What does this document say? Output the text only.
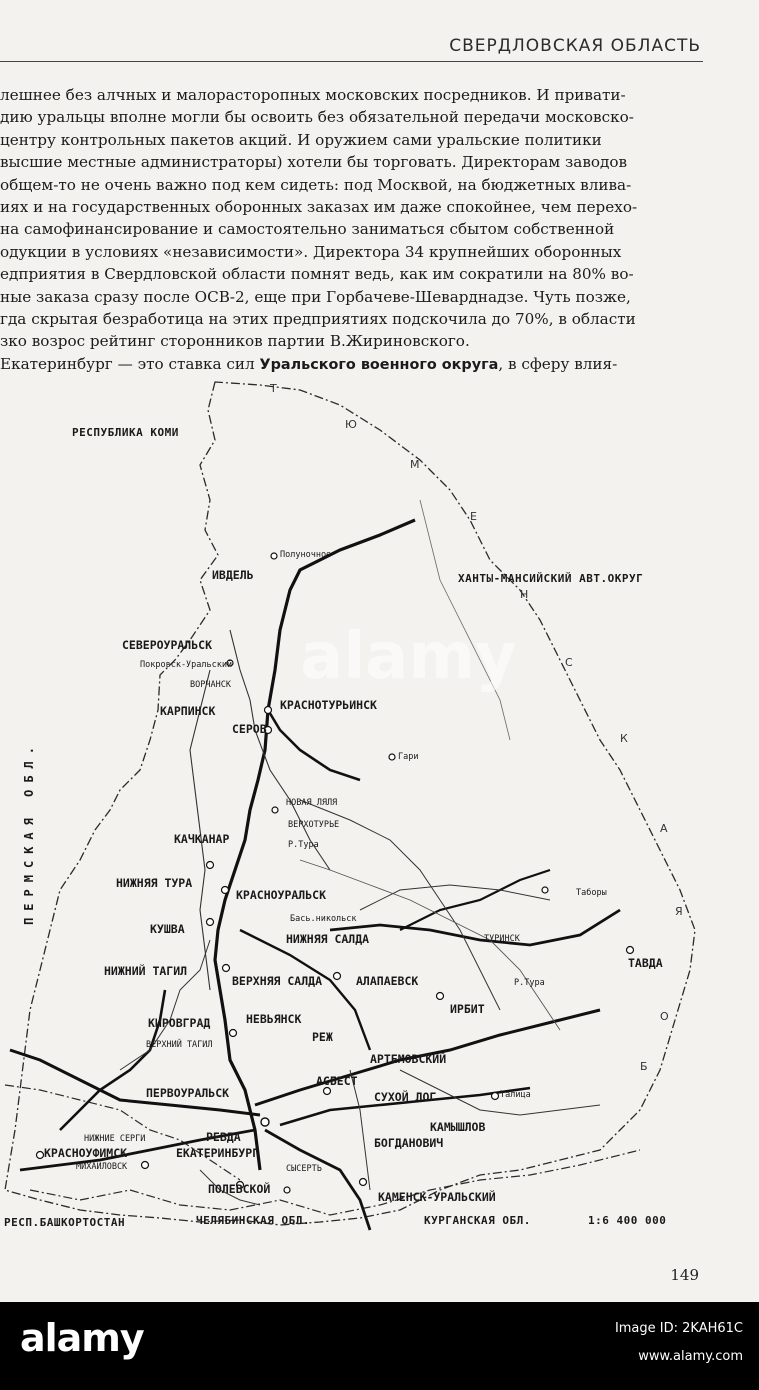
СВЕРДЛОВСКАЯ ОБЛАСТЬ

лешнее без алчных и малорасторопных московских посредников. И привати-

дию уральцы вполне могли бы освоить без обязательной передачи московско-

центру контрольных пакетов акций. И оружием сами уральские политики

высшие местные администраторы) хотели бы торговать. Директорам заводов

общем-то не очень важно под кем сидеть: под Москвой, на бюджетных влива-

иях и на государственных оборонных заказах им даже спокойнее, чем перехо-

на самофинансирование и самостоятельно заниматься сбытом собственной

одукции в условиях «независимости». Директора 34 крупнейших оборонных

едприятия в Свердловской области помнят ведь, как им сократили на 80% во-

ные заказа сразу после ОСВ-2, еще при Горбачеве-Шеварднадзе. Чуть позже,

гда скрытая безработица на этих предприятиях подскочила до 70%, в области

зко возрос рейтинг сторонников партии В.Жириновского.

Екатеринбург — это ставка сил Уральского военного округа, в сферу влия-

Т
Ю
М
Е
Н
С
К
А
Я
О
Б
РЕСПУБЛИКА КОМИ
ХАНТЫ-МАНСИЙСКИЙ АВТ.ОКРУГ
ПЕРМСКАЯ ОБЛ.
РЕСП.БАШКОРТОСТАН	ЧЕЛЯБИНСКАЯ ОБЛ.	КУРГАНСКАЯ ОБЛ.	1:6 400 000
Полуночное
ИВДЕЛЬ
СЕВЕРОУРАЛЬСК
Покровск-Уральский
ВОРЧАНСК
КАРПИНСК	КРАСНОТУРЬИНСК
СЕРОВ
Гари
НОВАЯ ЛЯЛЯ
ВЕРХОТУРЬЕ
Р.Тура
КАЧКАНАР
НИЖНЯЯ ТУРА
КРАСНОУРАЛЬСК
Бась.никольск
КУШВА
НИЖНЯЯ САЛДА
Таборы
ТУРИНСК
ТАВДА
НИЖНИЙ ТАГИЛ
ВЕРХНЯЯ САЛДА	АЛАПАЕВСК
ИРБИТ
Р.Тура
КИРОВГРАД	НЕВЬЯНСК
ВЕРХНИЙ ТАГИЛ
РЕЖ
АРТЕМОВСКИЙ
ПЕРВОУРАЛЬСК
АСБЕСТ
СУХОЙ ЛОГ	Талица
НИЖНИЕ СЕРГИ	РЕВДА
КАМЫШЛОВ
БОГДАНОВИЧ
КРАСНОУФИМСК	ЕКАТЕРИНБУРГ
МИХАЙЛОВСК	СЫСЕРТЬ
ПОЛЕВСКОЙ
КАМЕНСК-УРАЛЬСКИЙ
alamy
149
alamy	Image ID: 2KAH61C
www.alamy.com
